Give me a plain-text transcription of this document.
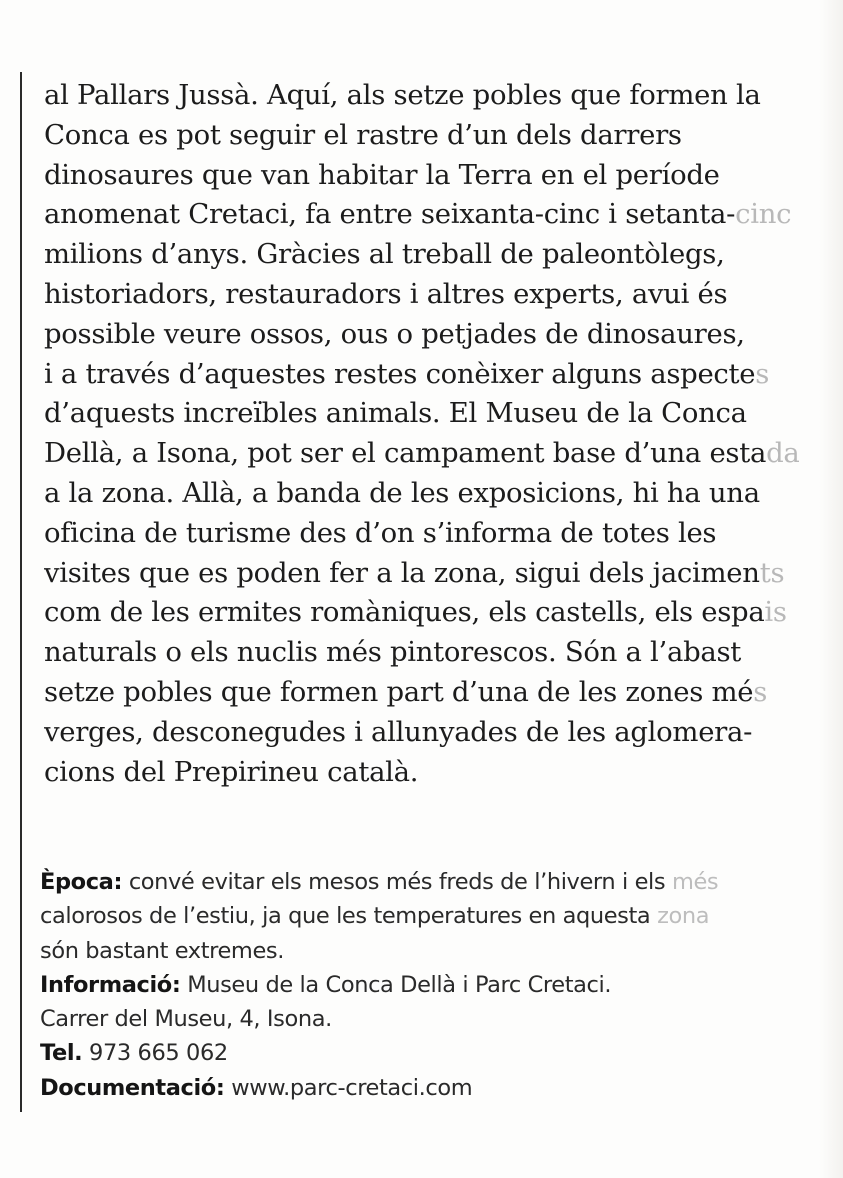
al Pallars Jussà. Aquí, als setze pobles que formen la
Conca es pot seguir el rastre d’un dels darrers
dinosaures que van habitar la Terra en el període
anomenat Cretaci, fa entre seixanta-cinc i setanta-cinc
milions d’anys. Gràcies al treball de paleontòlegs,
historiadors, restauradors i altres experts, avui és
possible veure ossos, ous o petjades de dinosaures,
i a través d’aquestes restes conèixer alguns aspectes
d’aquests increïbles animals. El Museu de la Conca
Dellà, a Isona, pot ser el campament base d’una estada
a la zona. Allà, a banda de les exposicions, hi ha una
oficina de turisme des d’on s’informa de totes les
visites que es poden fer a la zona, sigui dels jaciments
com de les ermites romàniques, els castells, els espais
naturals o els nuclis més pintorescos. Són a l’abast
setze pobles que formen part d’una de les zones més
verges, desconegudes i allunyades de les aglomera-
cions del Prepirineu català.
Època: convé evitar els mesos més freds de l’hivern i els més
calorosos de l’estiu, ja que les temperatures en aquesta zona
són bastant extremes.
Informació: Museu de la Conca Dellà i Parc Cretaci.
Carrer del Museu, 4, Isona.
Tel. 973 665 062
Documentació: www.parc-cretaci.com
